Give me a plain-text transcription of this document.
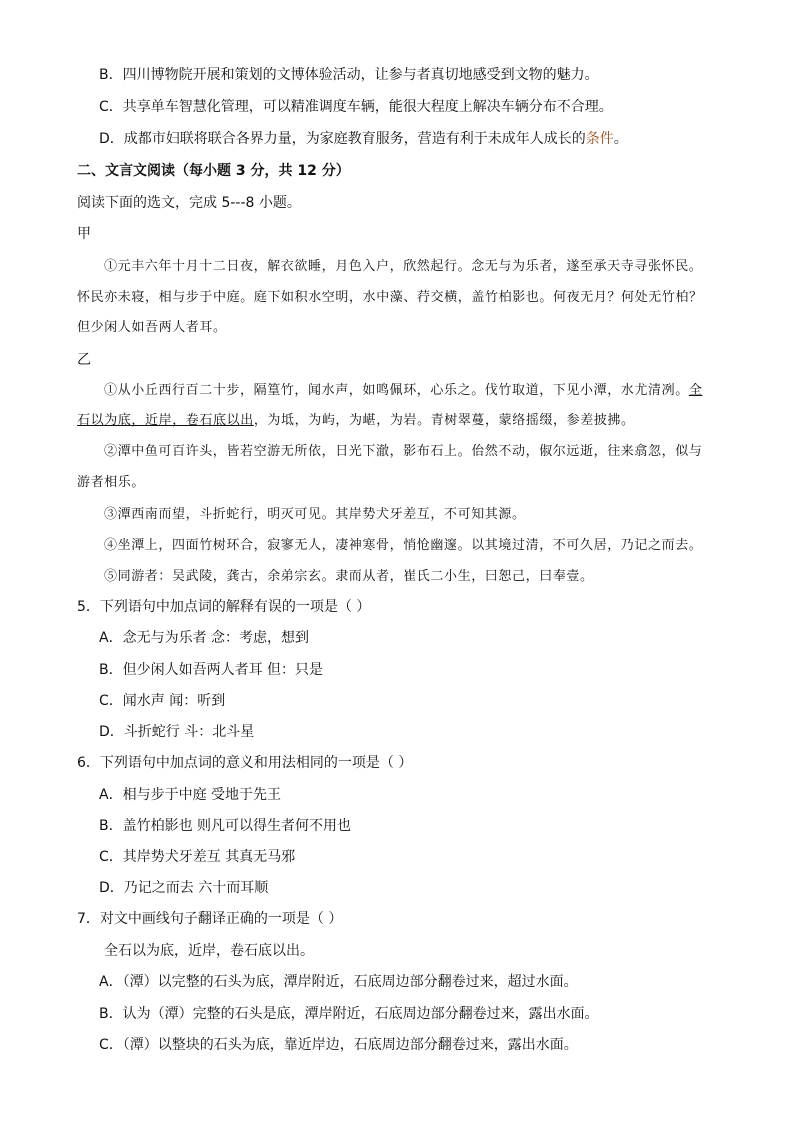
B．四川博物院开展和策划的文博体验活动，让参与者真切地感受到文物的魅力。
C．共享单车智慧化管理，可以精准调度车辆，能很大程度上解决车辆分布不合理。
D．成都市妇联将联合各界力量，为家庭教育服务，营造有利于未成年人成长的条件。
二、文言文阅读（每小题 3 分，共 12 分）
阅读下面的选文，完成 5---8 小题。
甲
①元丰六年十月十二日夜，解衣欲睡，月色入户，欣然起行。念无与为乐者，遂至承天寺寻张怀民。
怀民亦未寝，相与步于中庭。庭下如积水空明，水中藻、荇交横，盖竹柏影也。何夜无月？何处无竹柏？
但少闲人如吾两人者耳。
乙
①从小丘西行百二十步，隔篁竹，闻水声，如鸣佩环，心乐之。伐竹取道，下见小潭，水尤清冽。全
石以为底，近岸，卷石底以出，为坻，为屿，为嵁，为岩。青树翠蔓，蒙络摇缀，参差披拂。
②潭中鱼可百许头，皆若空游无所依，日光下澈，影布石上。佁然不动，俶尔远逝，往来翕忽，似与
游者相乐。
③潭西南而望，斗折蛇行，明灭可见。其岸势犬牙差互，不可知其源。
④坐潭上，四面竹树环合，寂寥无人，凄神寒骨，悄怆幽邃。以其境过清，不可久居，乃记之而去。
⑤同游者：吴武陵，龚古，余弟宗玄。隶而从者，崔氏二小生，曰恕己，曰奉壹。
5．下列语句中加点词的解释有误的一项是（ ）
A．念无与为乐者 念：考虑，想到
B．但少闲人如吾两人者耳 但：只是
C．闻水声 闻：听到
D．斗折蛇行 斗：北斗星
6．下列语句中加点词的意义和用法相同的一项是（ ）
A．相与步于中庭 受地于先王
B．盖竹柏影也 则凡可以得生者何不用也
C．其岸势犬牙差互 其真无马邪
D．乃记之而去 六十而耳顺
7．对文中画线句子翻译正确的一项是（ ）
全石以为底，近岸，卷石底以出。
A．（潭）以完整的石头为底，潭岸附近，石底周边部分翻卷过来，超过水面。
B．认为（潭）完整的石头是底，潭岸附近，石底周边部分翻卷过来，露出水面。
C．（潭）以整块的石头为底，靠近岸边，石底周边部分翻卷过来，露出水面。
